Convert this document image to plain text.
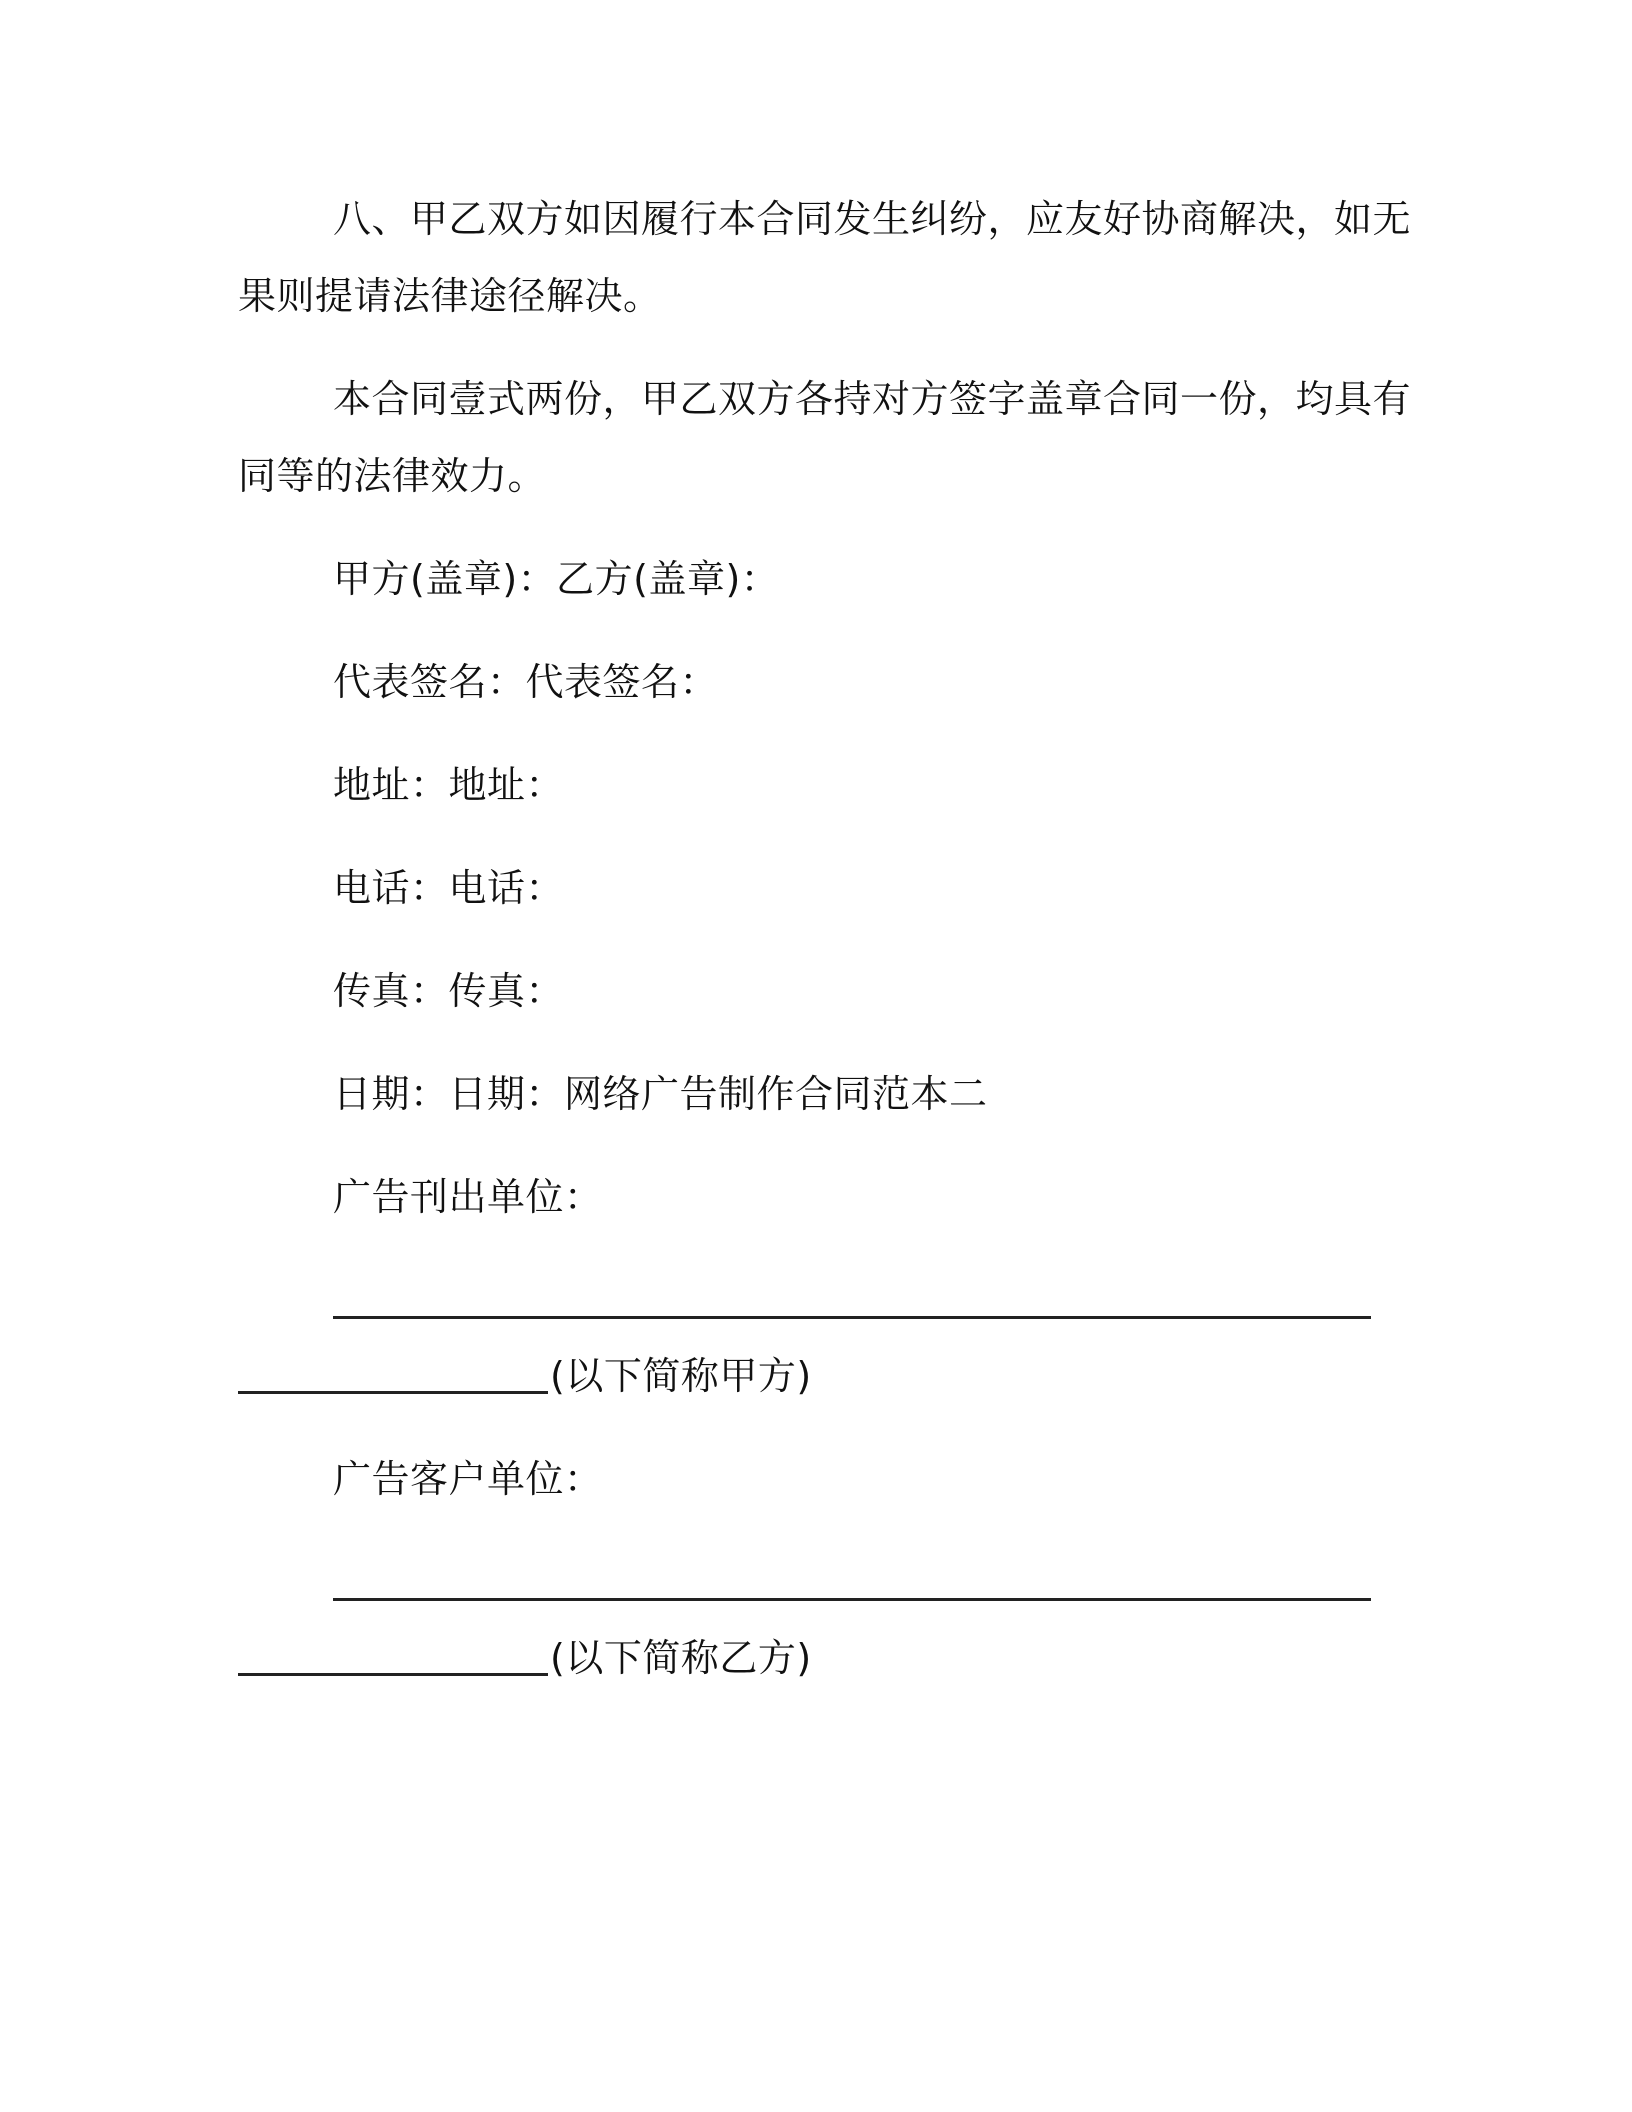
八、甲乙双方如因履行本合同发生纠纷，应友好协商解决，如无
果则提请法律途径解决。
本合同壹式两份，甲乙双方各持对方签字盖章合同一份，均具有
同等的法律效力。
甲方(盖章)：乙方(盖章)：
代表签名：代表签名：
地址：地址：
电话：电话：
传真：传真：
日期：日期：网络广告制作合同范本二
广告刊出单位：
(以下简称甲方)
广告客户单位：
(以下简称乙方)
